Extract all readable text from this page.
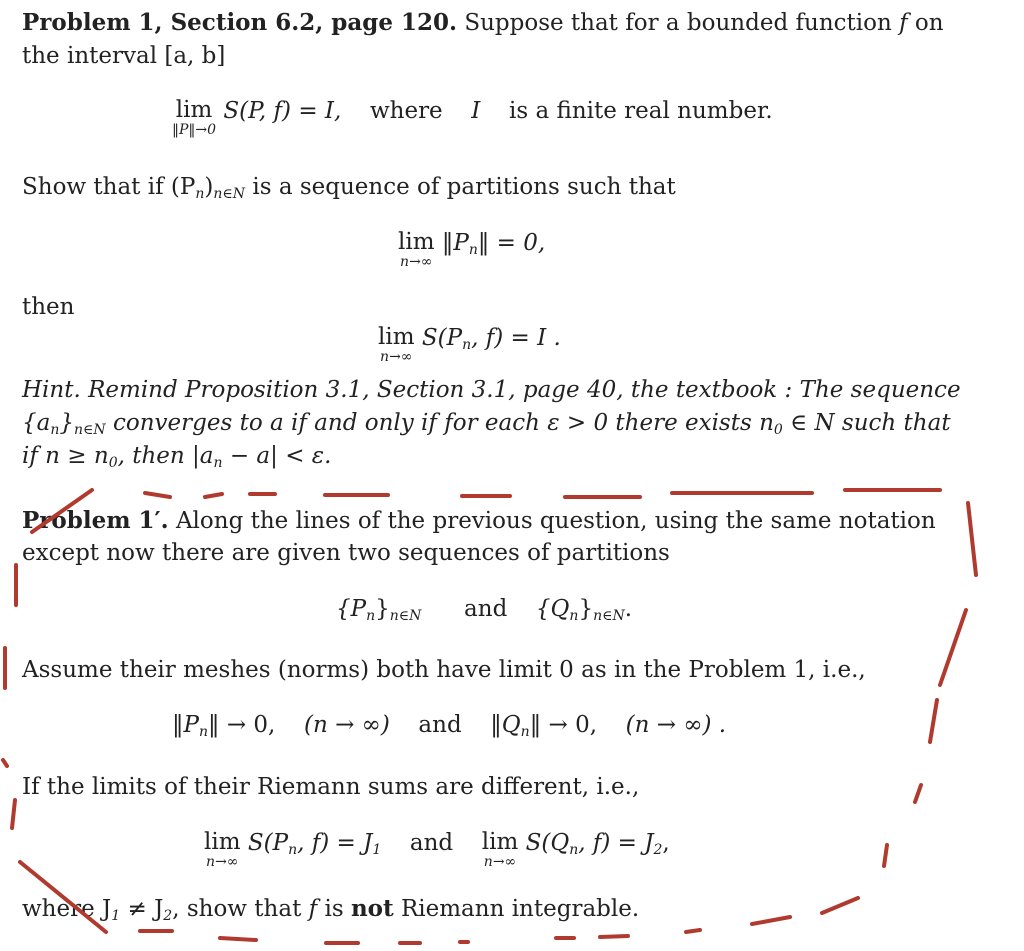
Problem 1, Section 6.2, page 120. Suppose that for a bounded function f on
the interval [a, b]
lim
‖P‖→0
S(P, f) = I, where I is a finite real number.
Show that if $(P_n)_{n\in N}$ is a sequence of partitions such that
lim
n→∞
$‖P_n‖ = 0$,
then
lim
n→∞
$S(P_n$, f) = I .
Hint. Remind Proposition 3.1, Section 3.1, page 40, the textbook : The sequence
$\{a_n\}_{n\in N}$ converges to a if and only if for each ε > 0 there exists $n_0$ ∈ N such that
if $n \ge n_0$, then $|a_n - a| < \varepsilon$.
Problem 1′. Along the lines of the previous question, using the same notation
except now there are given two sequences of partitions
$\{P_n\}_{n\in N}$ and $\{Q_n\}_{n\in N}$.
Assume their meshes (norms) both have limit 0 as in the Problem 1, i.e.,
$‖P_n‖ \to 0$, (n → ∞) and $‖Q_n‖ \to 0$, (n → ∞) .
If the limits of their Riemann sums are different, i.e.,
lim
n→∞
$S(P_n$, $f) = J_1$ and lim
n→∞
$S(Q_n$, $f) = J_2$,
where $J_1 \ne J_2$, show that f is not Riemann integrable.
